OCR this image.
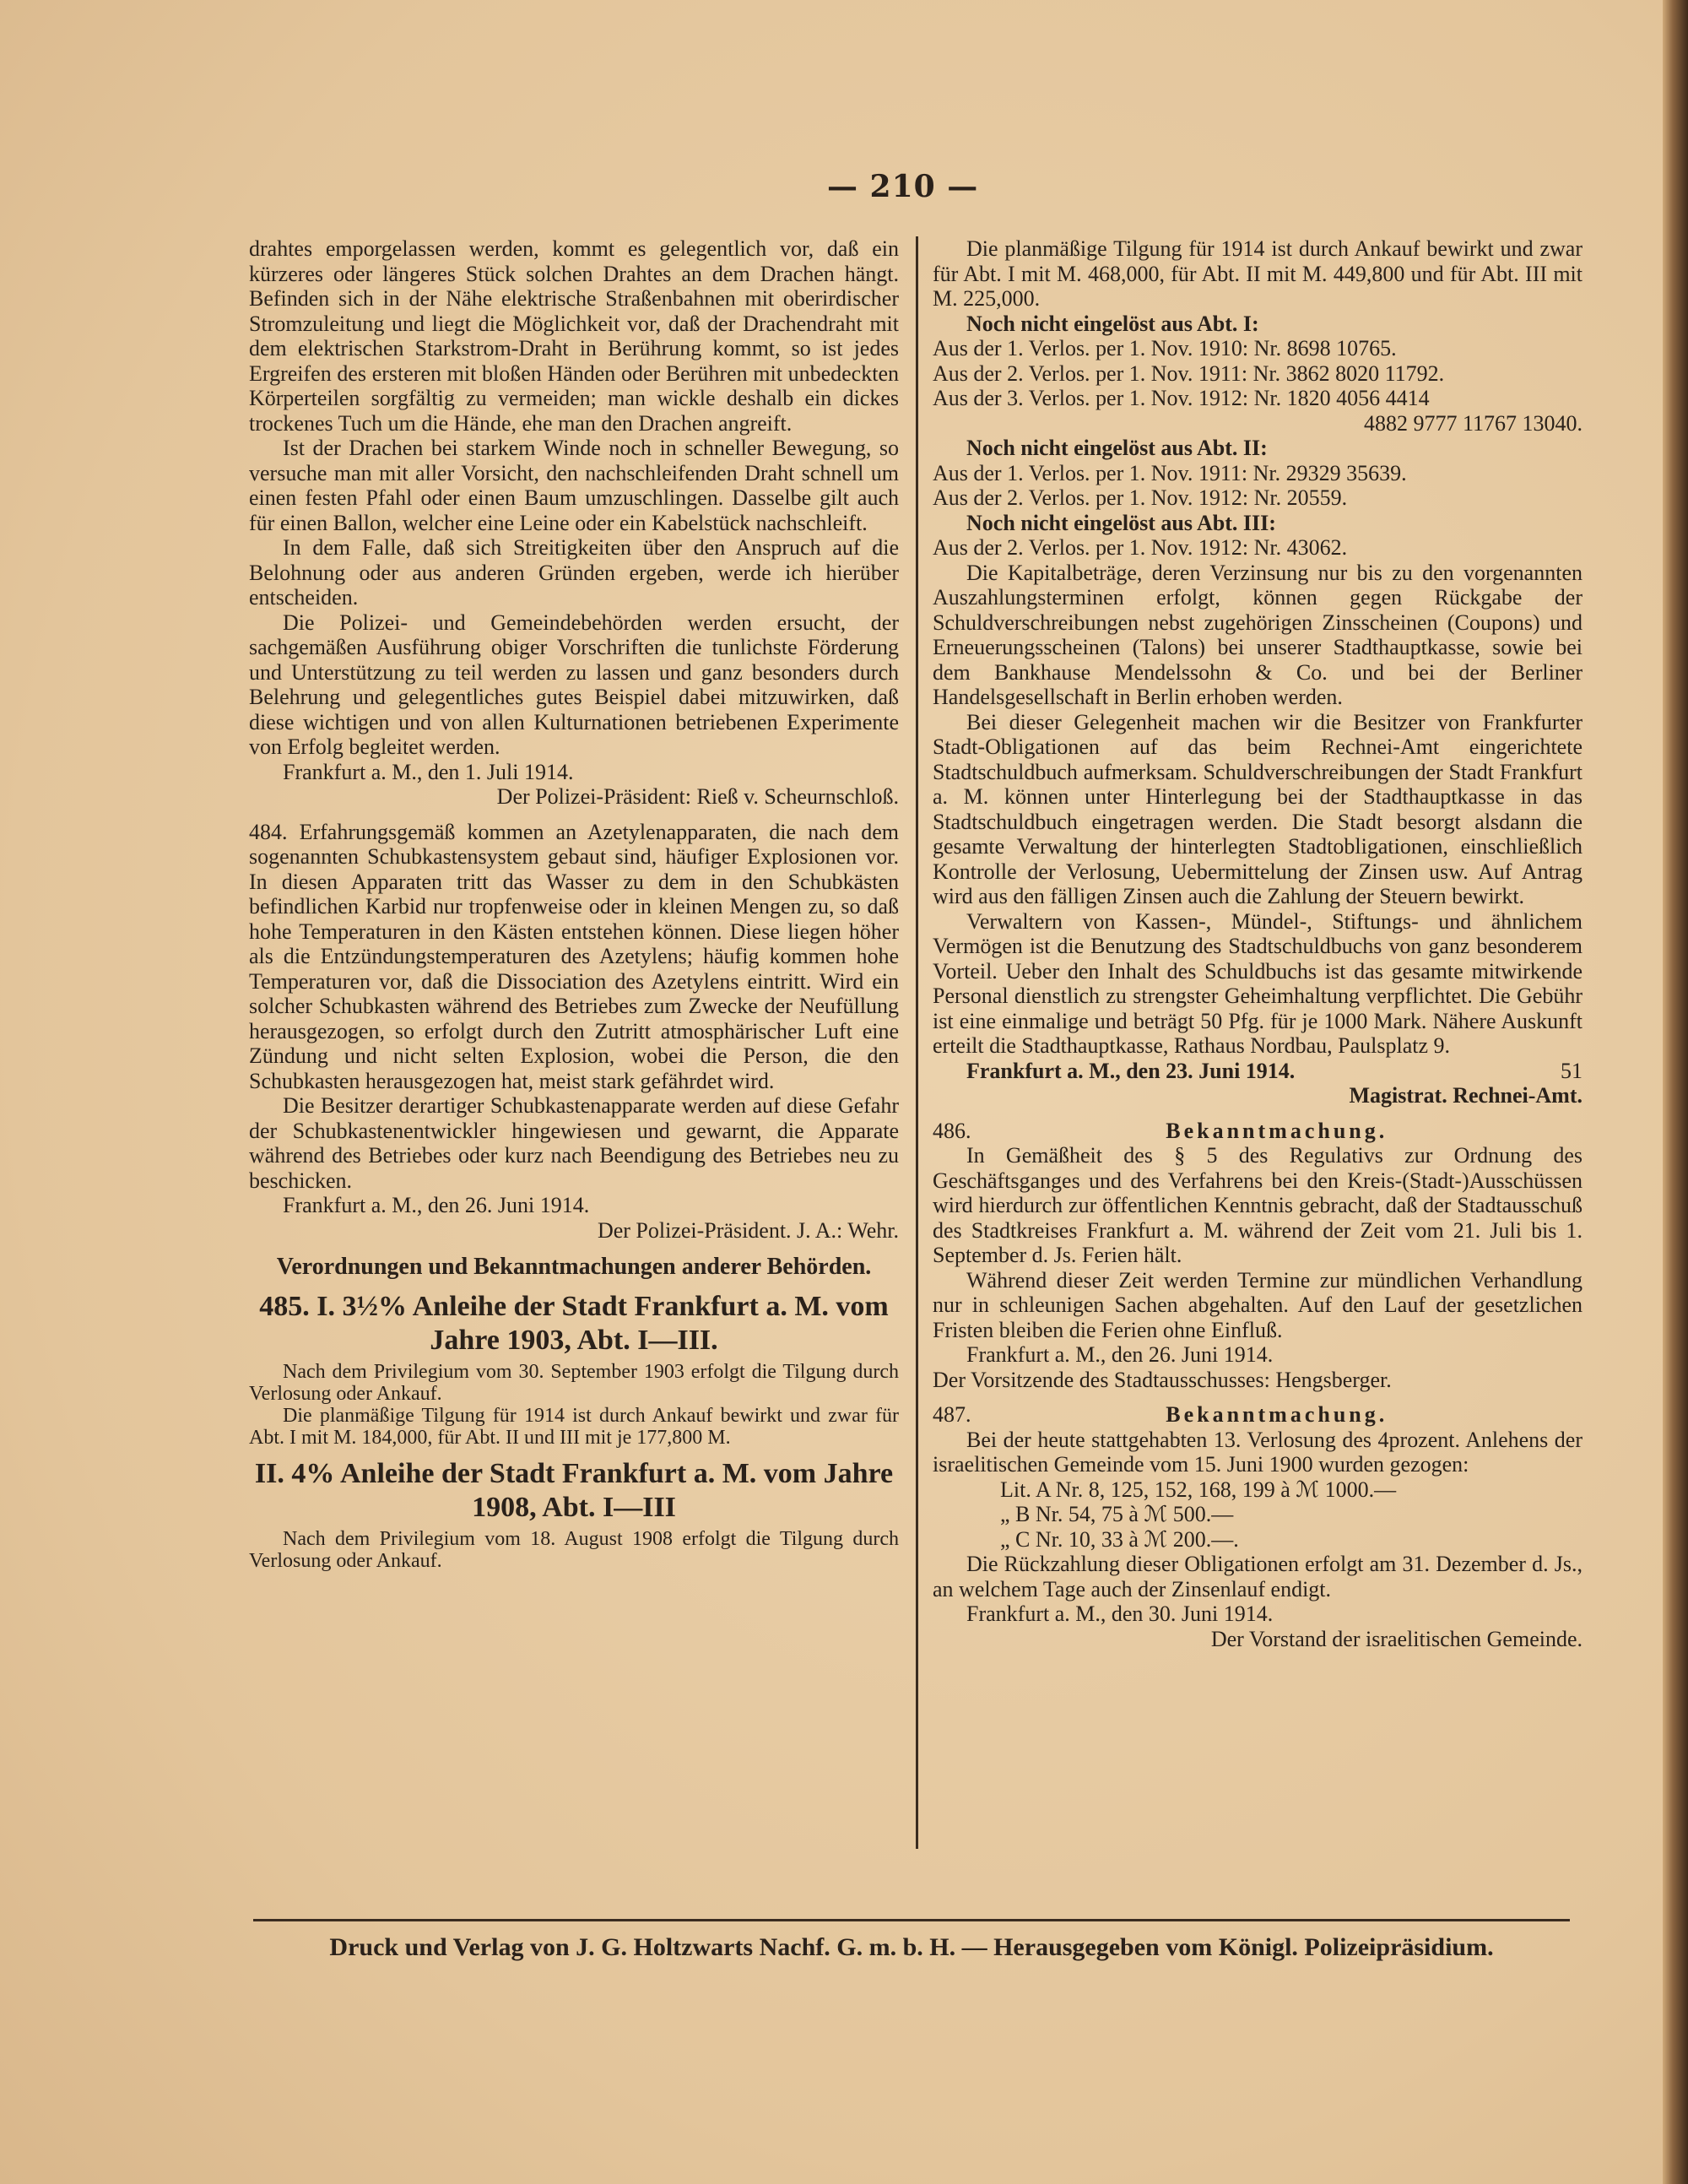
— 210 —

drahtes emporgelassen werden, kommt es gelegentlich vor, daß ein kürzeres oder längeres Stück solchen Drahtes an dem Drachen hängt. Befinden sich in der Nähe elektrische Straßenbahnen mit oberirdischer Stromzuleitung und liegt die Möglichkeit vor, daß der Drachendraht mit dem elektrischen Starkstrom-Draht in Berührung kommt, so ist jedes Ergreifen des ersteren mit bloßen Händen oder Berühren mit unbedeckten Körperteilen sorgfältig zu vermeiden; man wickle deshalb ein dickes trockenes Tuch um die Hände, ehe man den Drachen angreift.

Ist der Drachen bei starkem Winde noch in schneller Bewegung, so versuche man mit aller Vorsicht, den nachschleifenden Draht schnell um einen festen Pfahl oder einen Baum umzuschlingen. Dasselbe gilt auch für einen Ballon, welcher eine Leine oder ein Kabelstück nachschleift.

In dem Falle, daß sich Streitigkeiten über den Anspruch auf die Belohnung oder aus anderen Gründen ergeben, werde ich hierüber entscheiden.

Die Polizei- und Gemeindebehörden werden ersucht, der sachgemäßen Ausführung obiger Vorschriften die tunlichste Förderung und Unterstützung zu teil werden zu lassen und ganz besonders durch Belehrung und gelegentliches gutes Beispiel dabei mitzuwirken, daß diese wichtigen und von allen Kulturnationen betriebenen Experimente von Erfolg begleitet werden.

Frankfurt a. M., den 1. Juli 1914.

Der Polizei-Präsident: Rieß v. Scheurnschloß.

484. Erfahrungsgemäß kommen an Azetylenapparaten, die nach dem sogenannten Schubkastensystem gebaut sind, häufiger Explosionen vor. In diesen Apparaten tritt das Wasser zu dem in den Schubkästen befindlichen Karbid nur tropfenweise oder in kleinen Mengen zu, so daß hohe Temperaturen in den Kästen entstehen können. Diese liegen höher als die Entzündungstemperaturen des Azetylens; häufig kommen hohe Temperaturen vor, daß die Dissociation des Azetylens eintritt. Wird ein solcher Schubkasten während des Betriebes zum Zwecke der Neufüllung herausgezogen, so erfolgt durch den Zutritt atmosphärischer Luft eine Zündung und nicht selten Explosion, wobei die Person, die den Schubkasten herausgezogen hat, meist stark gefährdet wird.

Die Besitzer derartiger Schubkastenapparate werden auf diese Gefahr der Schubkastenentwickler hingewiesen und gewarnt, die Apparate während des Betriebes oder kurz nach Beendigung des Betriebes neu zu beschicken.

Frankfurt a. M., den 26. Juni 1914.

Der Polizei-Präsident. J. A.: Wehr.

Verordnungen und Bekanntmachungen anderer Behörden.

485. I. 3½% Anleihe der Stadt Frankfurt a. M. vom Jahre 1903, Abt. I—III.

Nach dem Privilegium vom 30. September 1903 erfolgt die Tilgung durch Verlosung oder Ankauf.

Die planmäßige Tilgung für 1914 ist durch Ankauf bewirkt und zwar für Abt. I mit M. 184,000, für Abt. II und III mit je 177,800 M.

II. 4% Anleihe der Stadt Frankfurt a. M. vom Jahre 1908, Abt. I—III

Nach dem Privilegium vom 18. August 1908 erfolgt die Tilgung durch Verlosung oder Ankauf.

Die planmäßige Tilgung für 1914 ist durch Ankauf bewirkt und zwar für Abt. I mit M. 468,000, für Abt. II mit M. 449,800 und für Abt. III mit M. 225,000.

Noch nicht eingelöst aus Abt. I:

Aus der 1. Verlos. per 1. Nov. 1910: Nr. 8698 10765.

Aus der 2. Verlos. per 1. Nov. 1911: Nr. 3862 8020 11792.

Aus der 3. Verlos. per 1. Nov. 1912: Nr. 1820 4056 4414

4882 9777 11767 13040.

Noch nicht eingelöst aus Abt. II:

Aus der 1. Verlos. per 1. Nov. 1911: Nr. 29329 35639.

Aus der 2. Verlos. per 1. Nov. 1912: Nr. 20559.

Noch nicht eingelöst aus Abt. III:

Aus der 2. Verlos. per 1. Nov. 1912: Nr. 43062.

Die Kapitalbeträge, deren Verzinsung nur bis zu den vorgenannten Auszahlungsterminen erfolgt, können gegen Rückgabe der Schuldverschreibungen nebst zugehörigen Zinsscheinen (Coupons) und Erneuerungsscheinen (Talons) bei unserer Stadthauptkasse, sowie bei dem Bankhause Mendelssohn & Co. und bei der Berliner Handelsgesellschaft in Berlin erhoben werden.

Bei dieser Gelegenheit machen wir die Besitzer von Frankfurter Stadt-Obligationen auf das beim Rechnei-Amt eingerichtete Stadtschuldbuch aufmerksam. Schuldverschreibungen der Stadt Frankfurt a. M. können unter Hinterlegung bei der Stadthauptkasse in das Stadtschuldbuch eingetragen werden. Die Stadt besorgt alsdann die gesamte Verwaltung der hinterlegten Stadtobligationen, einschließlich Kontrolle der Verlosung, Uebermittelung der Zinsen usw. Auf Antrag wird aus den fälligen Zinsen auch die Zahlung der Steuern bewirkt.

Verwaltern von Kassen-, Mündel-, Stiftungs- und ähnlichem Vermögen ist die Benutzung des Stadtschuldbuchs von ganz besonderem Vorteil. Ueber den Inhalt des Schuldbuchs ist das gesamte mitwirkende Personal dienstlich zu strengster Geheimhaltung verpflichtet. Die Gebühr ist eine einmalige und beträgt 50 Pfg. für je 1000 Mark. Nähere Auskunft erteilt die Stadthauptkasse, Rathaus Nordbau, Paulsplatz 9.

Frankfurt a. M., den 23. Juni 1914.	51

Magistrat. Rechnei-Amt.

486.	Bekanntmachung.

In Gemäßheit des § 5 des Regulativs zur Ordnung des Geschäftsganges und des Verfahrens bei den Kreis-(Stadt-)Ausschüssen wird hierdurch zur öffentlichen Kenntnis gebracht, daß der Stadtausschuß des Stadtkreises Frankfurt a. M. während der Zeit vom 21. Juli bis 1. September d. Js. Ferien hält.

Während dieser Zeit werden Termine zur mündlichen Verhandlung nur in schleunigen Sachen abgehalten. Auf den Lauf der gesetzlichen Fristen bleiben die Ferien ohne Einfluß.

Frankfurt a. M., den 26. Juni 1914.

Der Vorsitzende des Stadtausschusses: Hengsberger.

487.	Bekanntmachung.

Bei der heute stattgehabten 13. Verlosung des 4prozent. Anlehens der israelitischen Gemeinde vom 15. Juni 1900 wurden gezogen:

Lit. A Nr. 8, 125, 152, 168, 199 à ℳ 1000.—

„ B Nr. 54, 75 à ℳ 500.—

„ C Nr. 10, 33 à ℳ 200.—.

Die Rückzahlung dieser Obligationen erfolgt am 31. Dezember d. Js., an welchem Tage auch der Zinsenlauf endigt.

Frankfurt a. M., den 30. Juni 1914.

Der Vorstand der israelitischen Gemeinde.

Druck und Verlag von J. G. Holtzwarts Nachf. G. m. b. H. — Herausgegeben vom Königl. Polizeipräsidium.
